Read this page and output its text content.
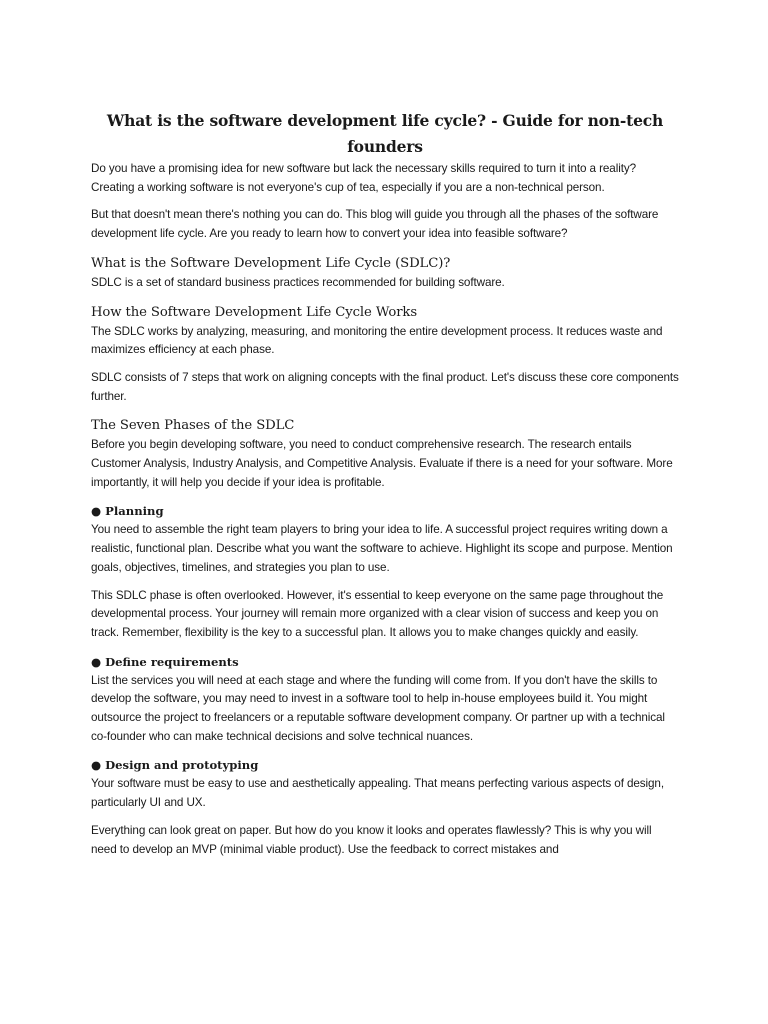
What is the software development life cycle? - Guide for non-tech founders

Do you have a promising idea for new software but lack the necessary skills required to turn it into a reality? Creating a working software is not everyone's cup of tea, especially if you are a non-technical person.

But that doesn't mean there's nothing you can do. This blog will guide you through all the phases of the software development life cycle. Are you ready to learn how to convert your idea into feasible software?

What is the Software Development Life Cycle (SDLC)?

SDLC is a set of standard business practices recommended for building software.

How the Software Development Life Cycle Works

The SDLC works by analyzing, measuring, and monitoring the entire development process. It reduces waste and maximizes efficiency at each phase.

SDLC consists of 7 steps that work on aligning concepts with the final product. Let's discuss these core components further.

The Seven Phases of the SDLC

Before you begin developing software, you need to conduct comprehensive research. The research entails Customer Analysis, Industry Analysis, and Competitive Analysis. Evaluate if there is a need for your software. More importantly, it will help you decide if your idea is profitable.

● Planning

You need to assemble the right team players to bring your idea to life. A successful project requires writing down a realistic, functional plan. Describe what you want the software to achieve. Highlight its scope and purpose. Mention goals, objectives, timelines, and strategies you plan to use.

This SDLC phase is often overlooked. However, it's essential to keep everyone on the same page throughout the developmental process. Your journey will remain more organized with a clear vision of success and keep you on track. Remember, flexibility is the key to a successful plan. It allows you to make changes quickly and easily.

● Define requirements

List the services you will need at each stage and where the funding will come from. If you don't have the skills to develop the software, you may need to invest in a software tool to help in-house employees build it. You might outsource the project to freelancers or a reputable software development company. Or partner up with a technical co-founder who can make technical decisions and solve technical nuances.

● Design and prototyping

Your software must be easy to use and aesthetically appealing. That means perfecting various aspects of design, particularly UI and UX.

Everything can look great on paper. But how do you know it looks and operates flawlessly? This is why you will need to develop an MVP (minimal viable product). Use the feedback to correct mistakes and
